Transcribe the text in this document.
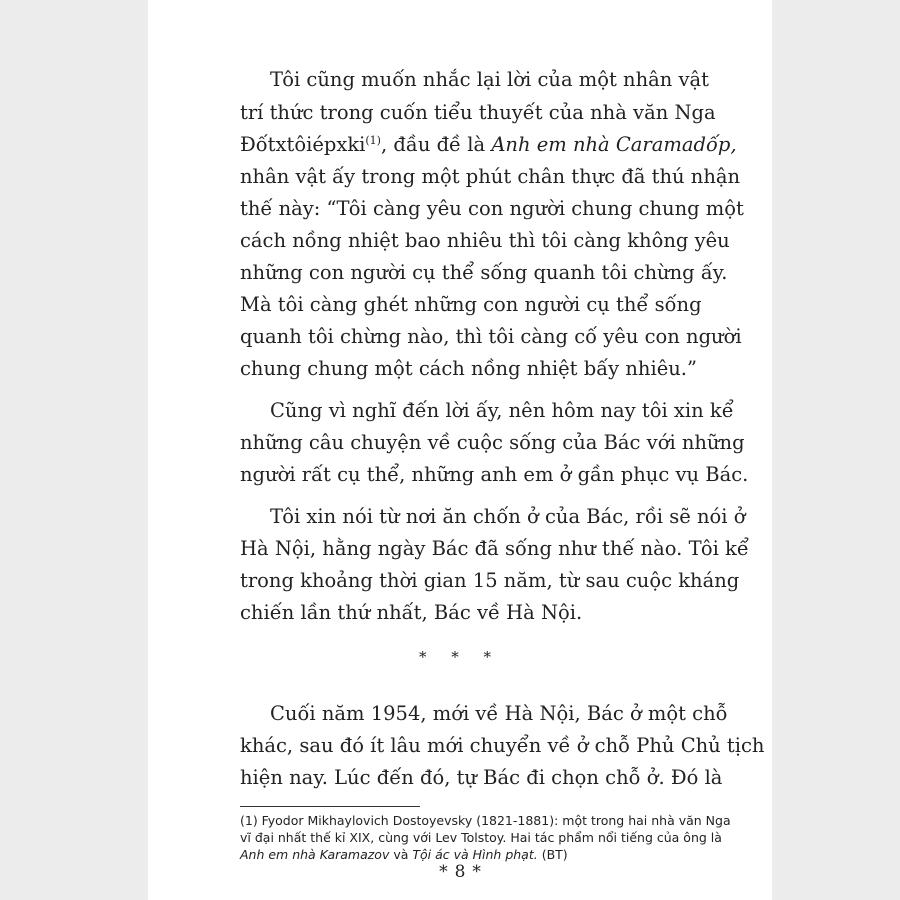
Tôi cũng muốn nhắc lại lời của một nhân vật
trí thức trong cuốn tiểu thuyết của nhà văn Nga
Đốtxtôiépxki$^{(1)}$, đầu đề là Anh em nhà Caramadốp,
nhân vật ấy trong một phút chân thực đã thú nhận
thế này: “Tôi càng yêu con người chung chung một
cách nồng nhiệt bao nhiêu thì tôi càng không yêu
những con người cụ thể sống quanh tôi chừng ấy.
Mà tôi càng ghét những con người cụ thể sống
quanh tôi chừng nào, thì tôi càng cố yêu con người
chung chung một cách nồng nhiệt bấy nhiêu.”
Cũng vì nghĩ đến lời ấy, nên hôm nay tôi xin kể
những câu chuyện về cuộc sống của Bác với những
người rất cụ thể, những anh em ở gần phục vụ Bác.
Tôi xin nói từ nơi ăn chốn ở của Bác, rồi sẽ nói ở
Hà Nội, hằng ngày Bác đã sống như thế nào. Tôi kể
trong khoảng thời gian 15 năm, từ sau cuộc kháng
chiến lần thứ nhất, Bác về Hà Nội.
* * *
Cuối năm 1954, mới về Hà Nội, Bác ở một chỗ
khác, sau đó ít lâu mới chuyển về ở chỗ Phủ Chủ tịch
hiện nay. Lúc đến đó, tự Bác đi chọn chỗ ở. Đó là
(1) Fyodor Mikhaylovich Dostoyevsky (1821-1881): một trong hai nhà văn Nga
vĩ đại nhất thế kỉ XIX, cùng với Lev Tolstoy. Hai tác phẩm nổi tiếng của ông là
Anh em nhà Karamazov và Tội ác và Hình phạt. (BT)
* 8 *
